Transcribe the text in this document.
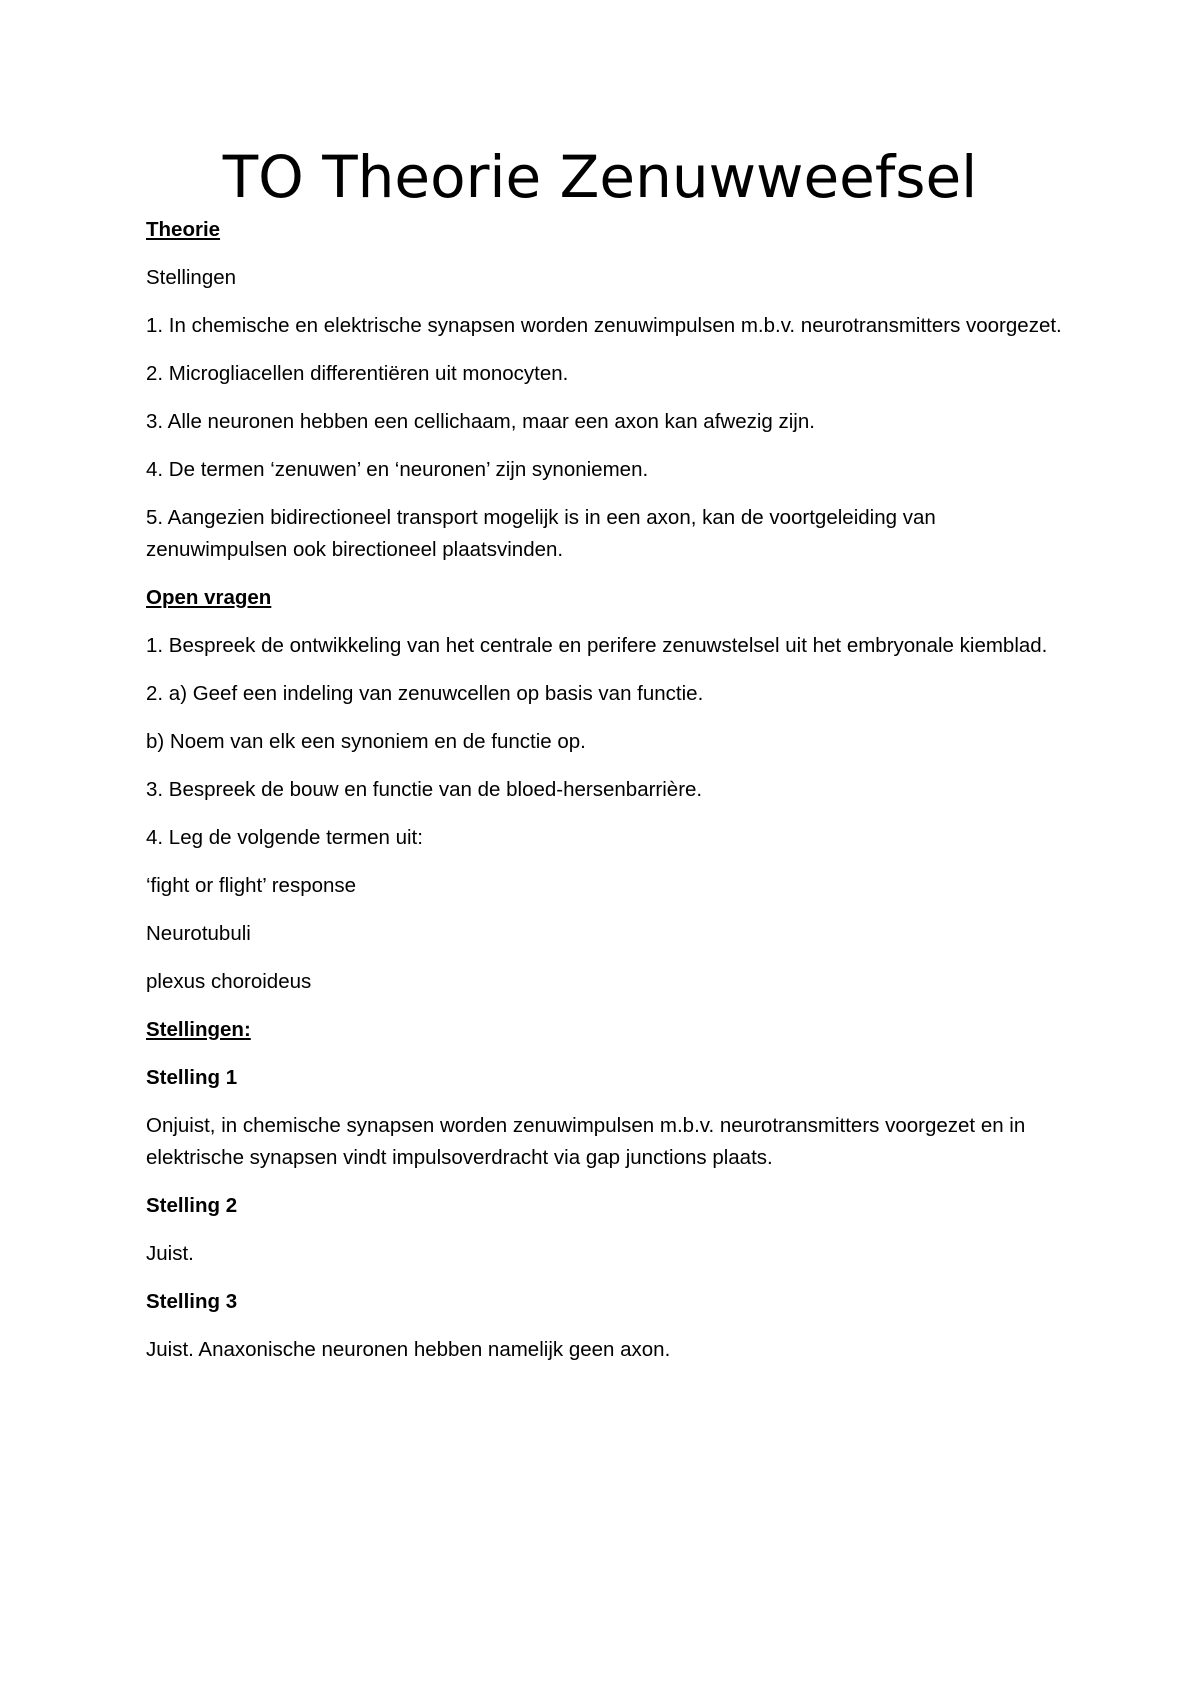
TO Theorie Zenuwweefsel

Theorie

Stellingen

1. In chemische en elektrische synapsen worden zenuwimpulsen m.b.v. neurotransmitters voorgezet.

2. Microgliacellen differentiëren uit monocyten.

3. Alle neuronen hebben een cellichaam, maar een axon kan afwezig zijn.

4. De termen ‘zenuwen’ en ‘neuronen’ zijn synoniemen.

5. Aangezien bidirectioneel transport mogelijk is in een axon, kan de voortgeleiding van zenuwimpulsen ook birectioneel plaatsvinden.

Open vragen

1. Bespreek de ontwikkeling van het centrale en perifere zenuwstelsel uit het embryonale kiemblad.

2. a) Geef een indeling van zenuwcellen op basis van functie.

b) Noem van elk een synoniem en de functie op.

3. Bespreek de bouw en functie van de bloed-hersenbarrière.

4. Leg de volgende termen uit:

‘fight or flight’ response

Neurotubuli

plexus choroideus

Stellingen:

Stelling 1

Onjuist, in chemische synapsen worden zenuwimpulsen m.b.v. neurotransmitters voorgezet en in elektrische synapsen vindt impulsoverdracht via gap junctions plaats.

Stelling 2

Juist.

Stelling 3

Juist. Anaxonische neuronen hebben namelijk geen axon.
